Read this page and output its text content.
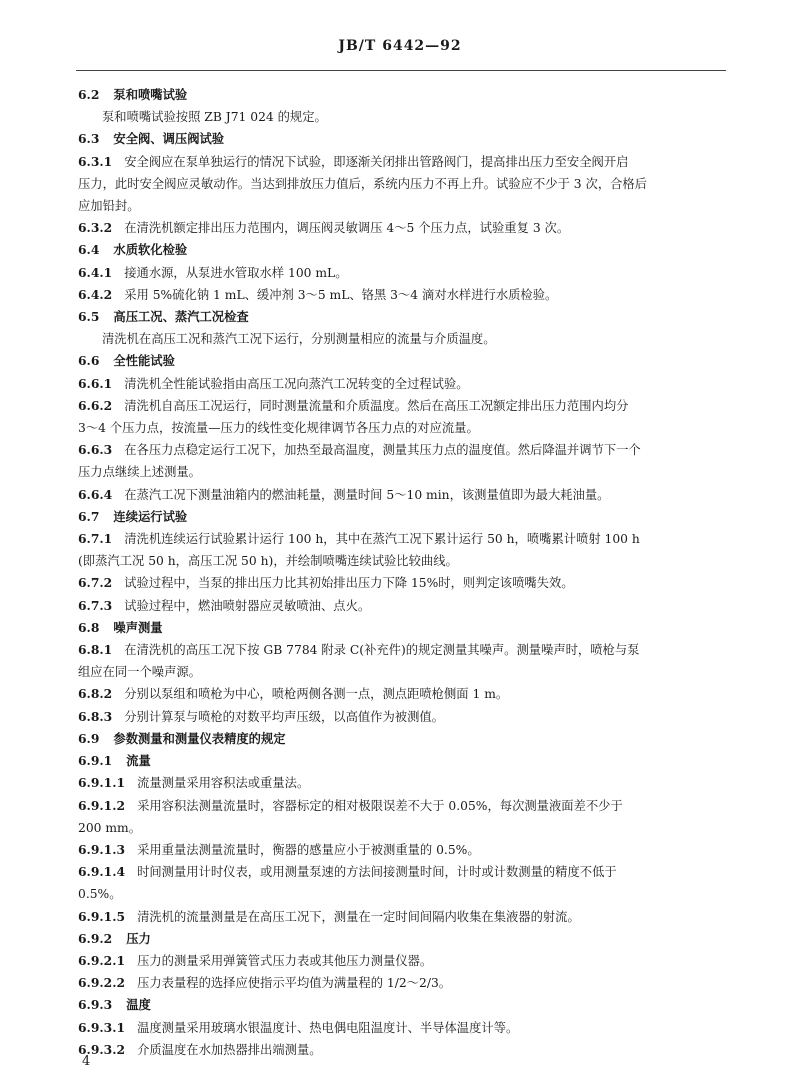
JB/T 6442—92
6.2 泵和喷嘴试验
泵和喷嘴试验按照 ZB J71 024 的规定。
6.3 安全阀、调压阀试验
6.3.1 安全阀应在泵单独运行的情况下试验，即逐渐关闭排出管路阀门，提高排出压力至安全阀开启
压力，此时安全阀应灵敏动作。当达到排放压力值后，系统内压力不再上升。试验应不少于 3 次，合格后
应加铅封。
6.3.2 在清洗机额定排出压力范围内，调压阀灵敏调压 4～5 个压力点，试验重复 3 次。
6.4 水质软化检验
6.4.1 接通水源，从泵进水管取水样 100 mL。
6.4.2 采用 5%硫化钠 1 mL、缓冲剂 3～5 mL、铬黑 3～4 滴对水样进行水质检验。
6.5 高压工况、蒸汽工况检查
清洗机在高压工况和蒸汽工况下运行，分别测量相应的流量与介质温度。
6.6 全性能试验
6.6.1 清洗机全性能试验指由高压工况向蒸汽工况转变的全过程试验。
6.6.2 清洗机自高压工况运行，同时测量流量和介质温度。然后在高压工况额定排出压力范围内均分
3～4 个压力点，按流量—压力的线性变化规律调节各压力点的对应流量。
6.6.3 在各压力点稳定运行工况下，加热至最高温度，测量其压力点的温度值。然后降温并调节下一个
压力点继续上述测量。
6.6.4 在蒸汽工况下测量油箱内的燃油耗量，测量时间 5～10 min，该测量值即为最大耗油量。
6.7 连续运行试验
6.7.1 清洗机连续运行试验累计运行 100 h，其中在蒸汽工况下累计运行 50 h，喷嘴累计喷射 100 h
(即蒸汽工况 50 h，高压工况 50 h)，并绘制喷嘴连续试验比较曲线。
6.7.2 试验过程中，当泵的排出压力比其初始排出压力下降 15%时，则判定该喷嘴失效。
6.7.3 试验过程中，燃油喷射器应灵敏喷油、点火。
6.8 噪声测量
6.8.1 在清洗机的高压工况下按 GB 7784 附录 C(补充件)的规定测量其噪声。测量噪声时，喷枪与泵
组应在同一个噪声源。
6.8.2 分别以泵组和喷枪为中心，喷枪两侧各测一点，测点距喷枪侧面 1 m。
6.8.3 分别计算泵与喷枪的对数平均声压级，以高值作为被测值。
6.9 参数测量和测量仪表精度的规定
6.9.1 流量
6.9.1.1 流量测量采用容积法或重量法。
6.9.1.2 采用容积法测量流量时，容器标定的相对极限误差不大于 0.05%，每次测量液面差不少于
200 mm。
6.9.1.3 采用重量法测量流量时，衡器的感量应小于被测重量的 0.5%。
6.9.1.4 时间测量用计时仪表，或用测量泵速的方法间接测量时间，计时或计数测量的精度不低于
0.5%。
6.9.1.5 清洗机的流量测量是在高压工况下，测量在一定时间间隔内收集在集液器的射流。
6.9.2 压力
6.9.2.1 压力的测量采用弹簧管式压力表或其他压力测量仪器。
6.9.2.2 压力表量程的选择应使指示平均值为满量程的 1/2～2/3。
6.9.3 温度
6.9.3.1 温度测量采用玻璃水银温度计、热电偶电阻温度计、半导体温度计等。
6.9.3.2 介质温度在水加热器排出端测量。
4
